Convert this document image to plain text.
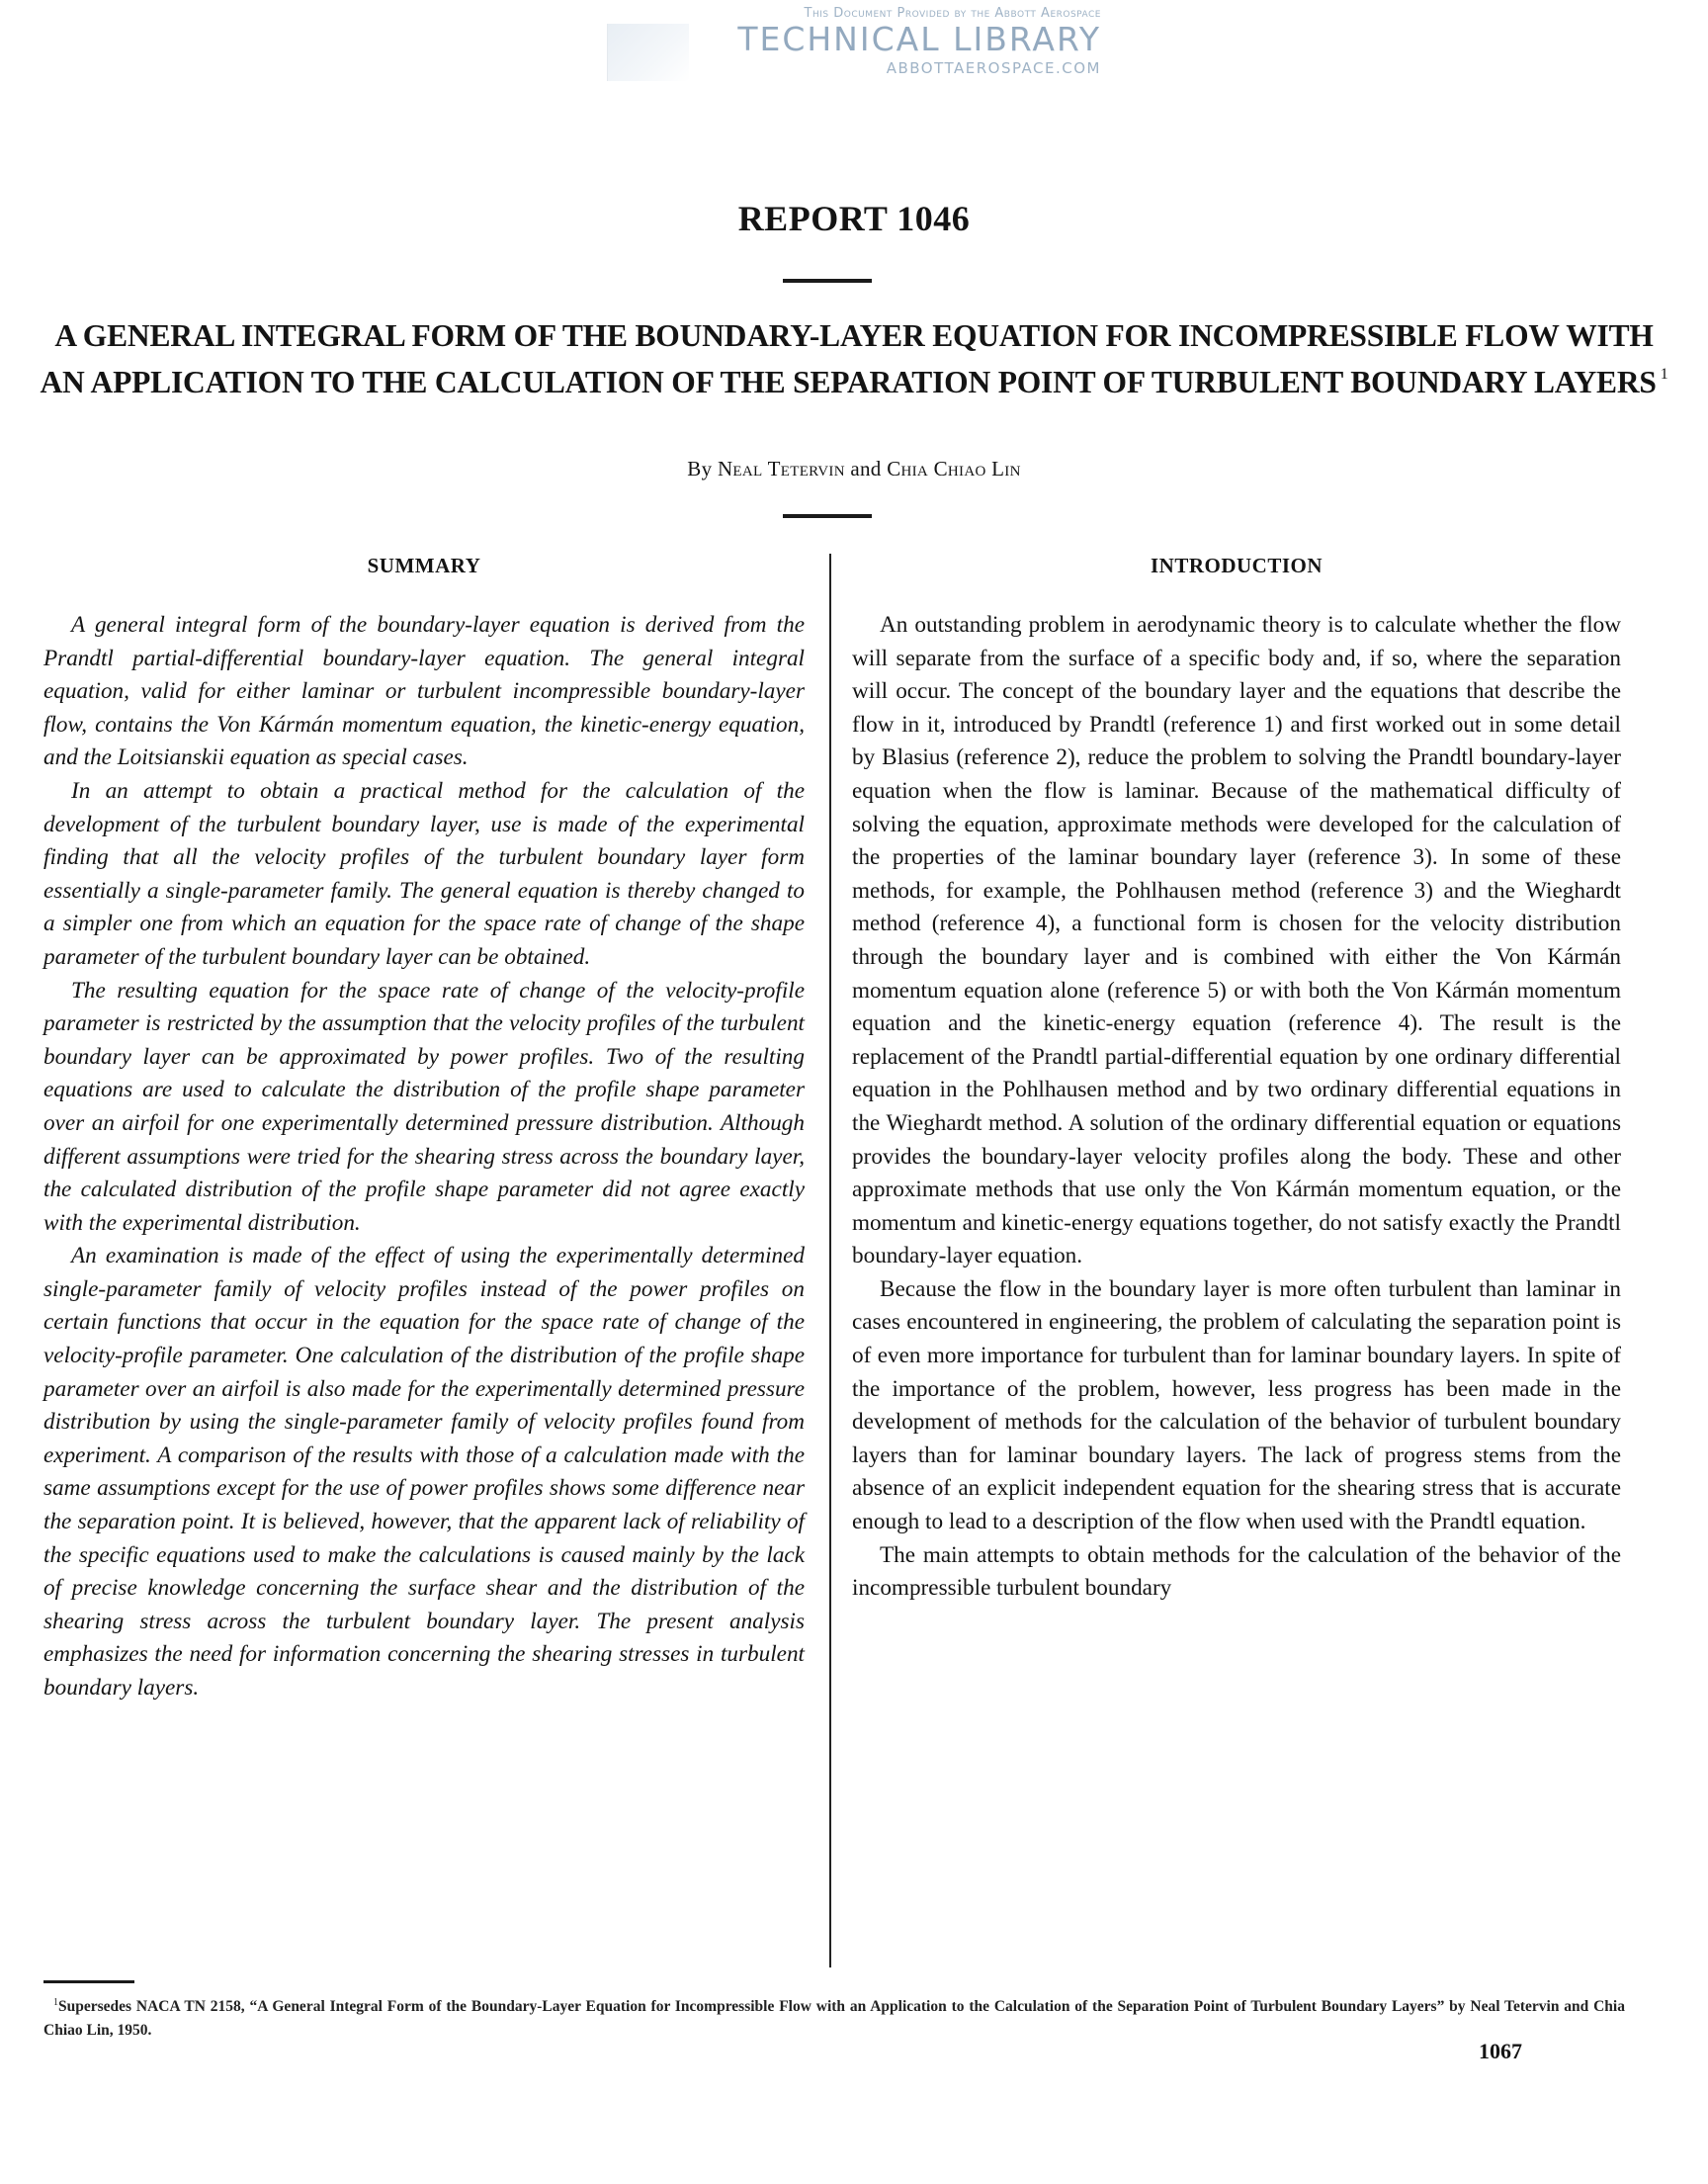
This Document Provided by the Abbott Aerospace
TECHNICAL LIBRARY
ABBOTTAEROSPACE.COM
REPORT 1046
A GENERAL INTEGRAL FORM OF THE BOUNDARY-LAYER EQUATION FOR INCOMPRESSIBLE FLOW WITH AN APPLICATION TO THE CALCULATION OF THE SEPARATION POINT OF TURBULENT BOUNDARY LAYERS $^1$
By Neal Tetervin and Chia Chiao Lin
SUMMARY

A general integral form of the boundary-layer equation is derived from the Prandtl partial-differential boundary-layer equation. The general integral equation, valid for either laminar or turbulent incompressible boundary-layer flow, contains the Von Kármán momentum equation, the kinetic-energy equation, and the Loitsianskii equation as special cases.

In an attempt to obtain a practical method for the calculation of the development of the turbulent boundary layer, use is made of the experimental finding that all the velocity profiles of the turbulent boundary layer form essentially a single-parameter family. The general equation is thereby changed to a simpler one from which an equation for the space rate of change of the shape parameter of the turbulent boundary layer can be obtained.

The resulting equation for the space rate of change of the velocity-profile parameter is restricted by the assumption that the velocity profiles of the turbulent boundary layer can be approximated by power profiles. Two of the resulting equations are used to calculate the distribution of the profile shape parameter over an airfoil for one experimentally determined pressure distribution. Although different assumptions were tried for the shearing stress across the boundary layer, the calculated distribution of the profile shape parameter did not agree exactly with the experimental distribution.

An examination is made of the effect of using the experimentally determined single-parameter family of velocity profiles instead of the power profiles on certain functions that occur in the equation for the space rate of change of the velocity-profile parameter. One calculation of the distribution of the profile shape parameter over an airfoil is also made for the experimentally determined pressure distribution by using the single-parameter family of velocity profiles found from experiment. A comparison of the results with those of a calculation made with the same assumptions except for the use of power profiles shows some difference near the separation point. It is believed, however, that the apparent lack of reliability of the specific equations used to make the calculations is caused mainly by the lack of precise knowledge concerning the surface shear and the distribution of the shearing stress across the turbulent boundary layer. The present analysis emphasizes the need for information concerning the shearing stresses in turbulent boundary layers.

INTRODUCTION

An outstanding problem in aerodynamic theory is to calculate whether the flow will separate from the surface of a specific body and, if so, where the separation will occur. The concept of the boundary layer and the equations that describe the flow in it, introduced by Prandtl (reference 1) and first worked out in some detail by Blasius (reference 2), reduce the problem to solving the Prandtl boundary-layer equation when the flow is laminar. Because of the mathematical difficulty of solving the equation, approximate methods were developed for the calculation of the properties of the laminar boundary layer (reference 3). In some of these methods, for example, the Pohlhausen method (reference 3) and the Wieghardt method (reference 4), a functional form is chosen for the velocity distribution through the boundary layer and is combined with either the Von Kármán momentum equation alone (reference 5) or with both the Von Kármán momentum equation and the kinetic-energy equation (reference 4). The result is the replacement of the Prandtl partial-differential equation by one ordinary differential equation in the Pohlhausen method and by two ordinary differential equations in the Wieghardt method. A solution of the ordinary differential equation or equations provides the boundary-layer velocity profiles along the body. These and other approximate methods that use only the Von Kármán momentum equation, or the momentum and kinetic-energy equations together, do not satisfy exactly the Prandtl boundary-layer equation.

Because the flow in the boundary layer is more often turbulent than laminar in cases encountered in engineering, the problem of calculating the separation point is of even more importance for turbulent than for laminar boundary layers. In spite of the importance of the problem, however, less progress has been made in the development of methods for the calculation of the behavior of turbulent boundary layers than for laminar boundary layers. The lack of progress stems from the absence of an explicit independent equation for the shearing stress that is accurate enough to lead to a description of the flow when used with the Prandtl equation.

The main attempts to obtain methods for the calculation of the behavior of the incompressible turbulent boundary

$^1$Supersedes NACA TN 2158, “A General Integral Form of the Boundary-Layer Equation for Incompressible Flow with an Application to the Calculation of the Separation Point of Turbulent Boundary Layers” by Neal Tetervin and Chia Chiao Lin, 1950.
1067
